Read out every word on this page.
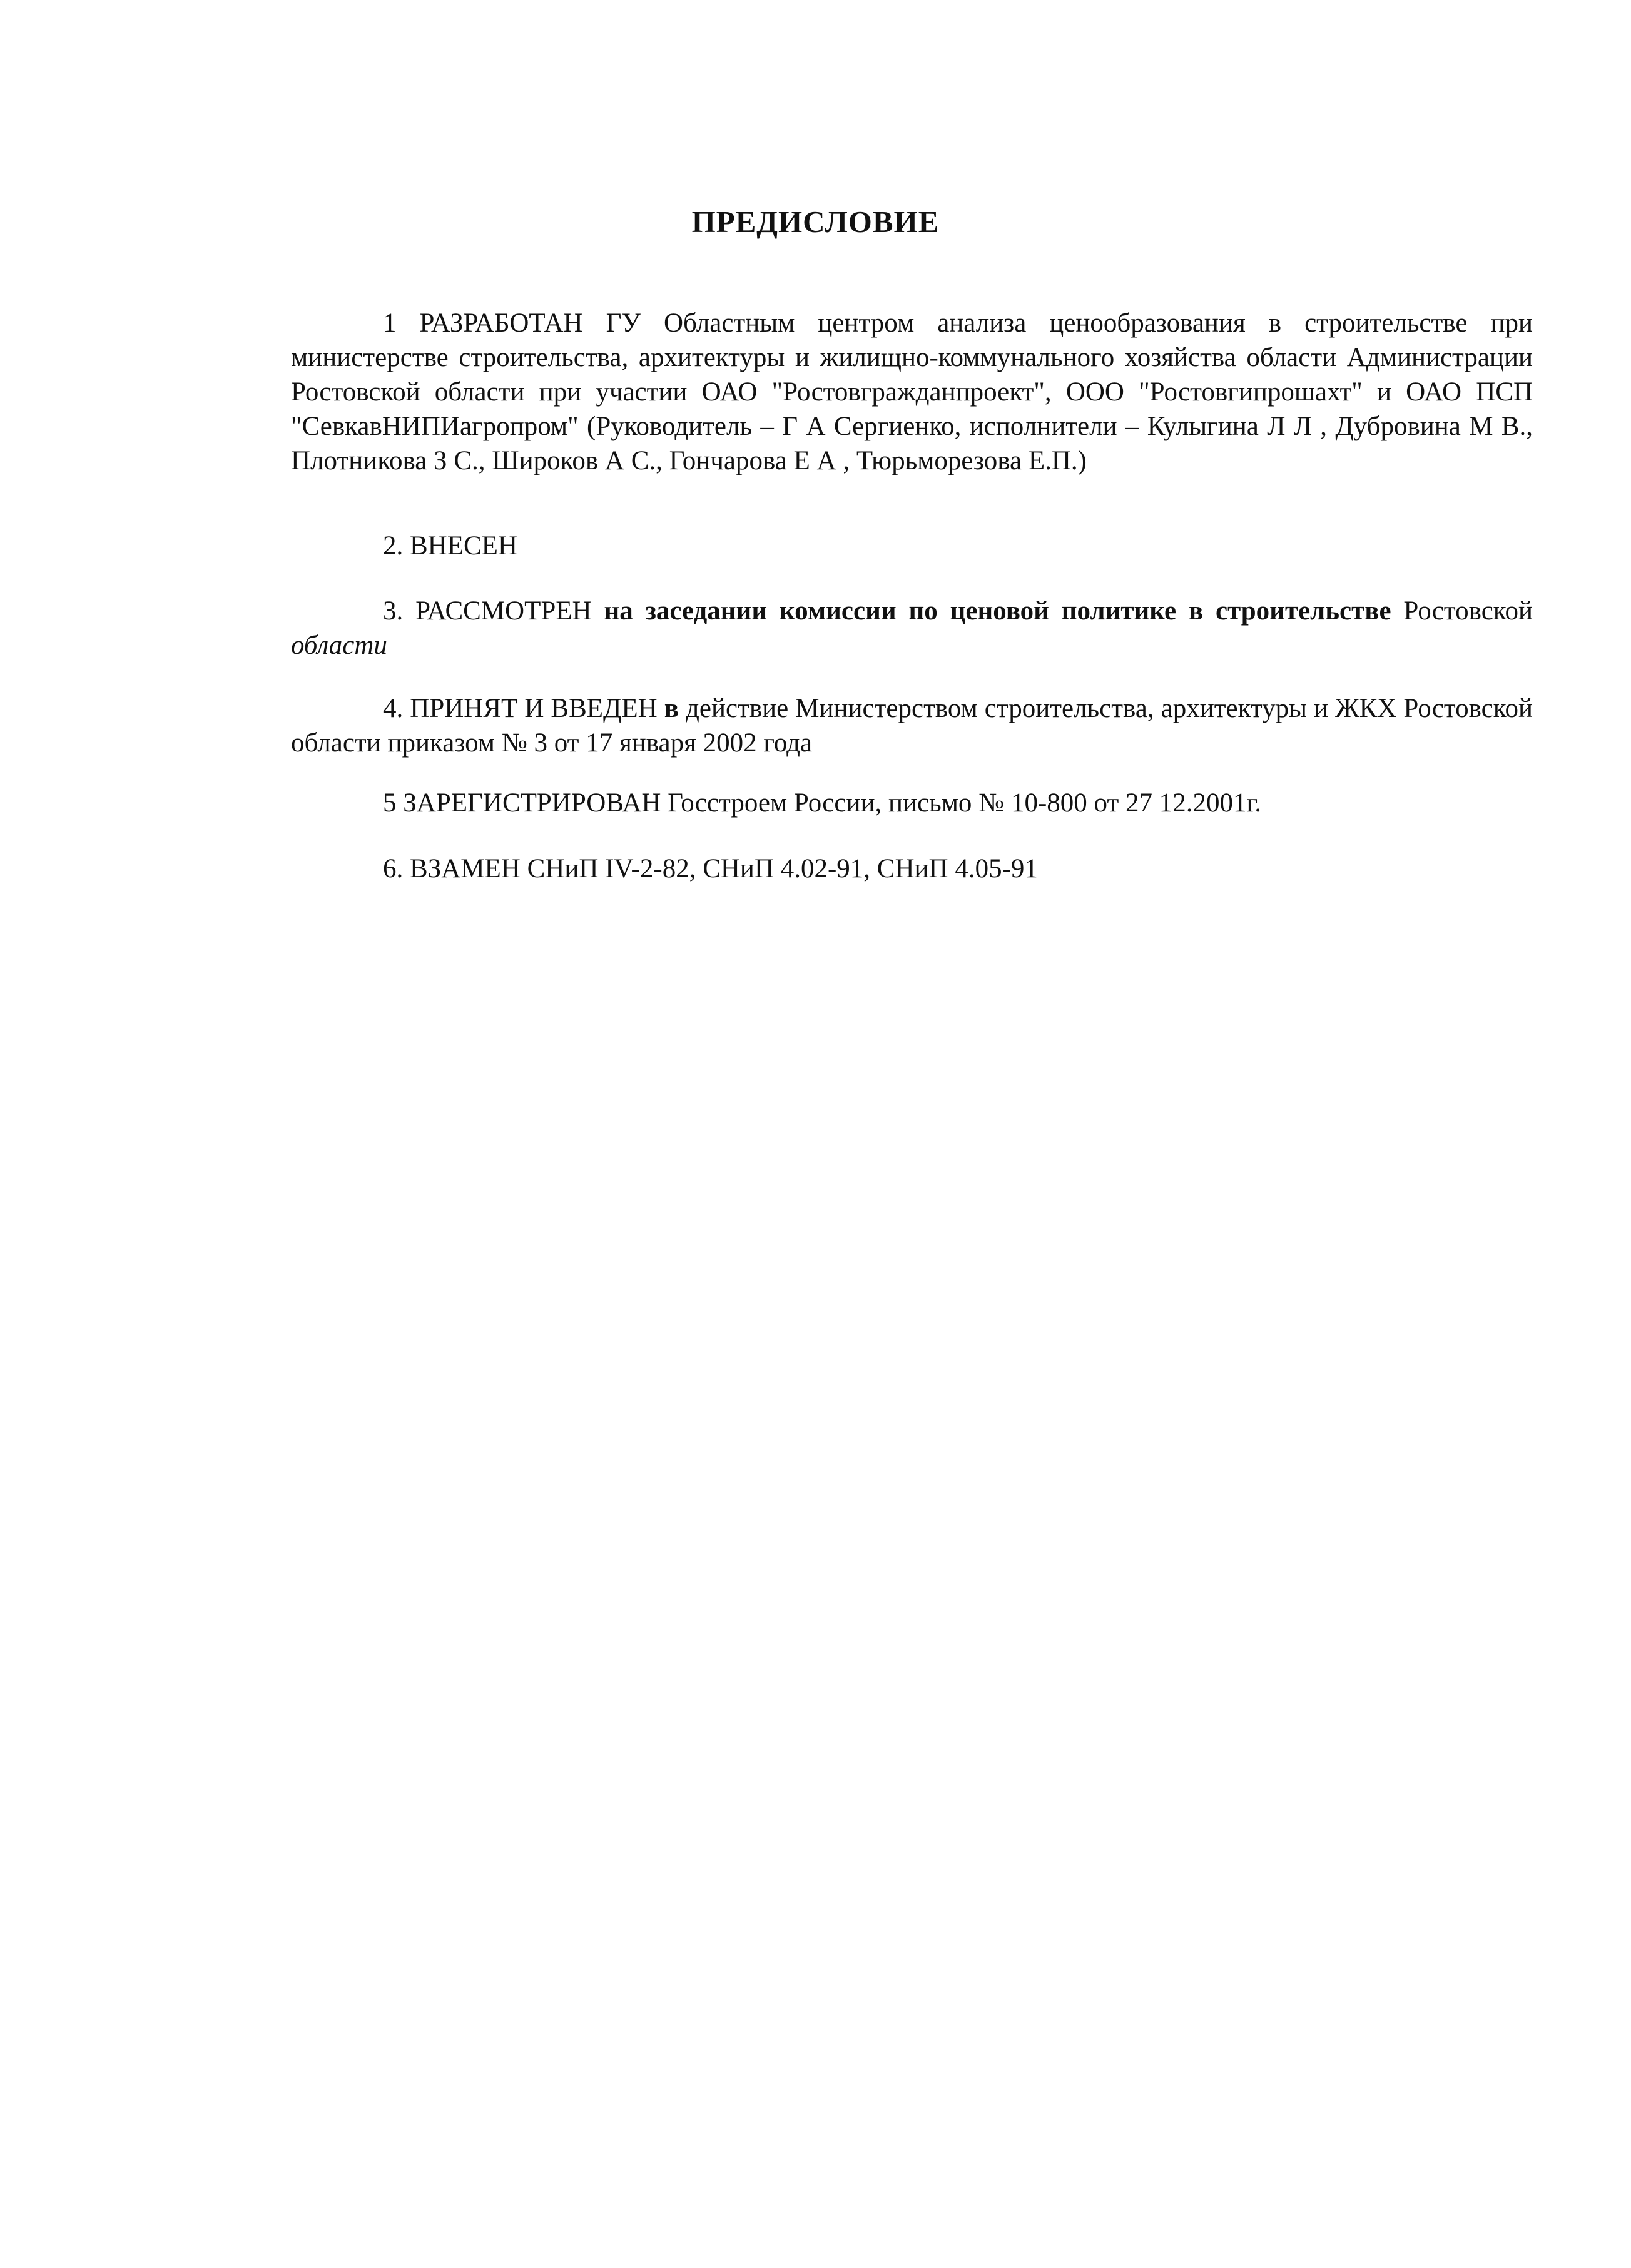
ПРЕДИСЛОВИЕ

1 РАЗРАБОТАН ГУ Областным центром анализа ценообразования в строительстве при министерстве строительства, архитектуры и жилищно-коммунального хозяйства области Администрации Ростовской области при участии ОАО "Ростовгражданпроект", ООО "Ростовгипрошахт" и ОАО ПСП "СевкавНИПИагропром" (Руководитель – Г А Сергиенко, исполнители – Кулыгина Л Л , Дубровина М В., Плотникова З С., Широков А С., Гончарова Е А , Тюрьморезова Е.П.)

2. ВНЕСЕН

3. РАССМОТРЕН на заседании комиссии по ценовой политике в строительстве Ростовской области

4. ПРИНЯТ И ВВЕДЕН в действие Министерством строительства, архитектуры и ЖКХ Ростовской области приказом № 3 от 17 января 2002 года

5 ЗАРЕГИСТРИРОВАН Госстроем России, письмо № 10-800 от 27 12.2001г.

6. ВЗАМЕН СНиП IV-2-82, СНиП 4.02-91, СНиП 4.05-91
